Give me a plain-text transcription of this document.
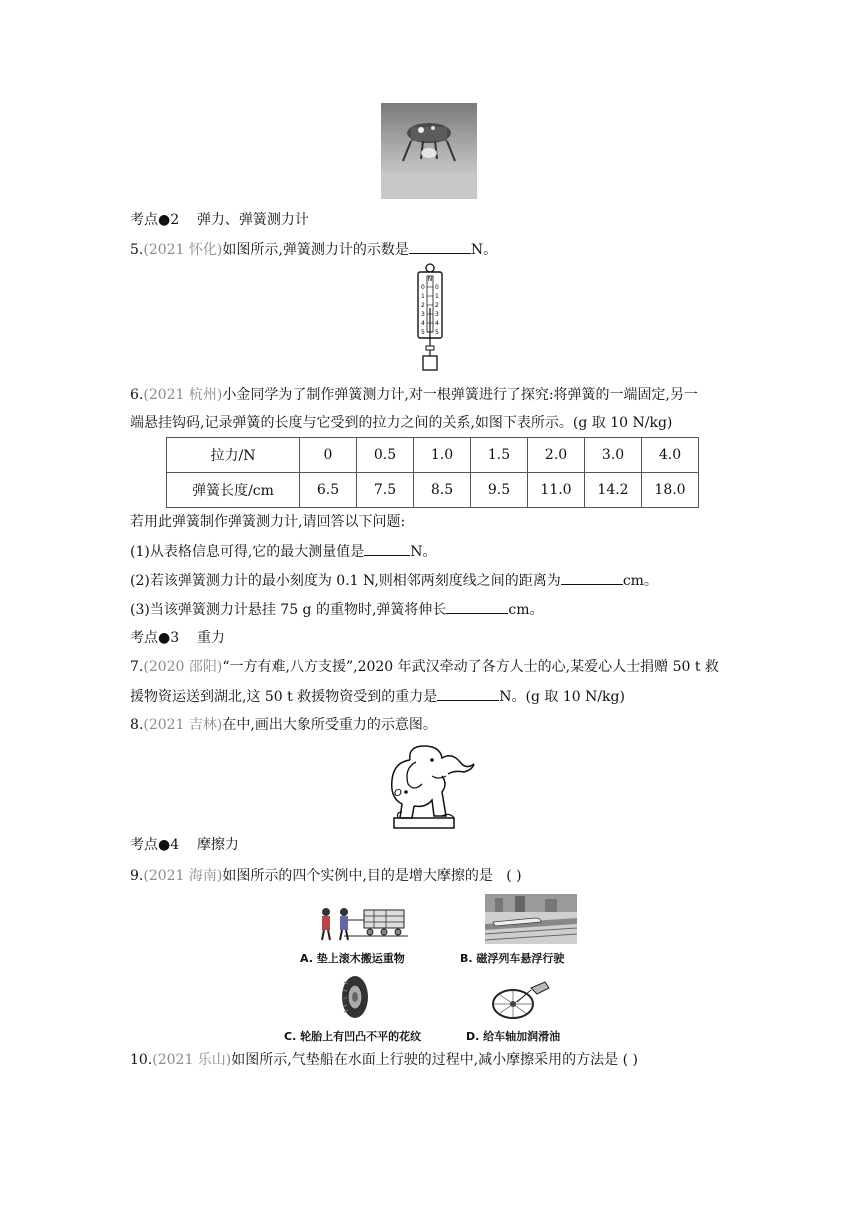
考点●2 弹力、弹簧测力计
5.(2021 怀化)如图所示,弹簧测力计的示数是	N。
N
0 0
1 1
2 2
3 3
4 4
5 5
6.(2021 杭州)小金同学为了制作弹簧测力计,对一根弹簧进行了探究:将弹簧的一端固定,另一
端悬挂钩码,记录弹簧的长度与它受到的拉力之间的关系,如图下表所示。(g 取 10 N/kg)
拉力/N	0	0.5	1.0	1.5	2.0	3.0	4.0
弹簧长度/cm	6.5	7.5	8.5	9.5	11.0	14.2	18.0
若用此弹簧制作弹簧测力计,请回答以下问题:
(1)从表格信息可得,它的最大测量值是	N。
(2)若该弹簧测力计的最小刻度为 0.1 N,则相邻两刻度线之间的距离为	cm。
(3)当该弹簧测力计悬挂 75 g 的重物时,弹簧将伸长	cm。
考点●3 重力
7.(2020 邵阳)“一方有难,八方支援”,2020 年武汉牵动了各方人士的心,某爱心人士捐赠 50 t 救
援物资运送到湖北,这 50 t 救援物资受到的重力是	N。(g 取 10 N/kg)
8.(2021 吉林)在中,画出大象所受重力的示意图。
O
考点●4 摩擦力
9.(2021 海南)如图所示的四个实例中,目的是增大摩擦的是 ( )
A. 垫上滚木搬运重物	B. 磁浮列车悬浮行驶
C. 轮胎上有凹凸不平的花纹	D. 给车轴加润滑油
10.(2021 乐山)如图所示,气垫船在水面上行驶的过程中,减小摩擦采用的方法是 ( )
